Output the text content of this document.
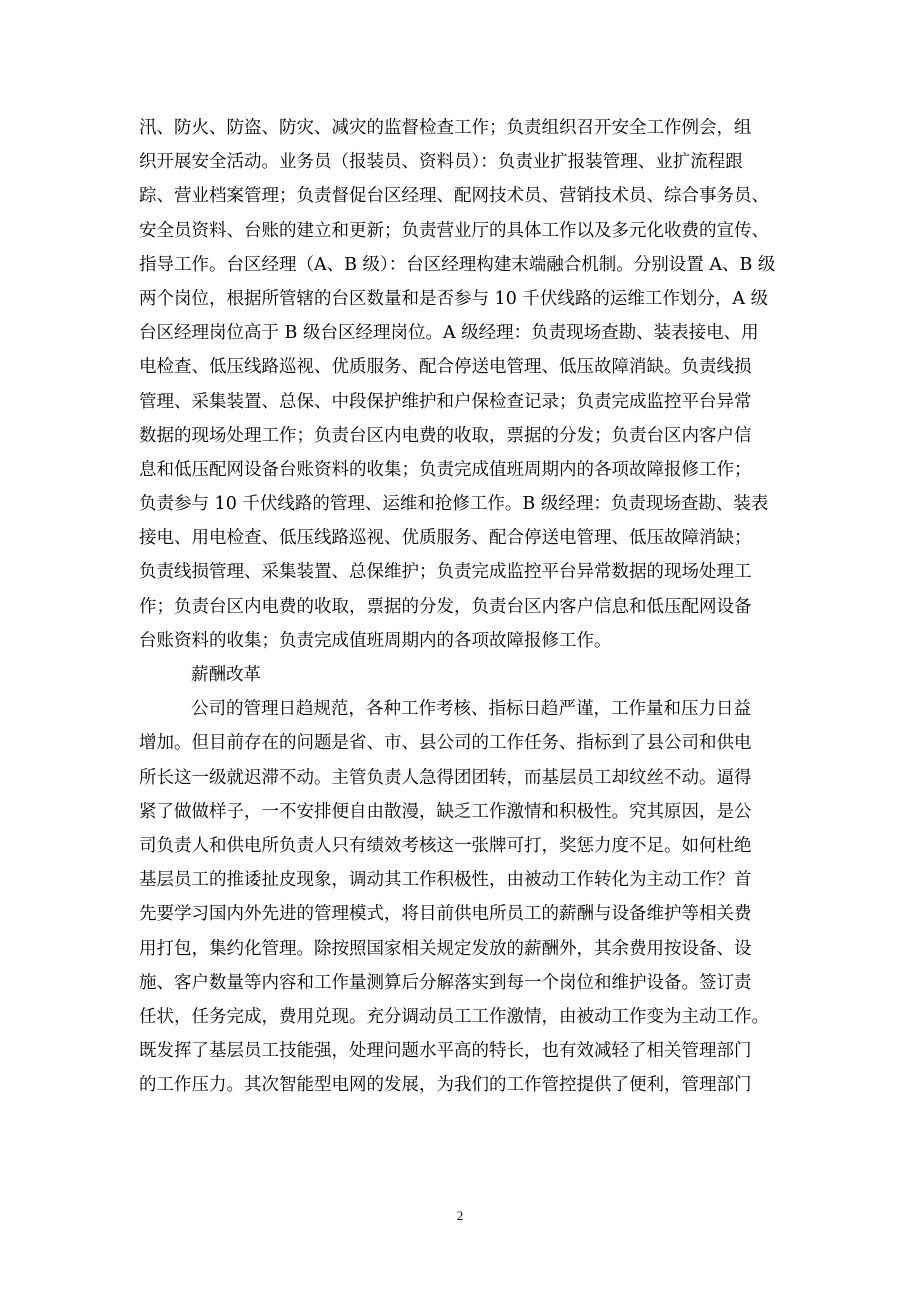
汛、防火、防盗、防灾、减灾的监督检查工作；负责组织召开安全工作例会，组
织开展安全活动。业务员（报装员、资料员）：负责业扩报装管理、业扩流程跟
踪、营业档案管理；负责督促台区经理、配网技术员、营销技术员、综合事务员、
安全员资料、台账的建立和更新；负责营业厅的具体工作以及多元化收费的宣传、
指导工作。台区经理（A、B 级）：台区经理构建末端融合机制。分别设置 A、B 级
两个岗位，根据所管辖的台区数量和是否参与 10 千伏线路的运维工作划分，A 级
台区经理岗位高于 B 级台区经理岗位。A 级经理：负责现场查勘、装表接电、用
电检查、低压线路巡视、优质服务、配合停送电管理、低压故障消缺。负责线损
管理、采集装置、总保、中段保护维护和户保检查记录；负责完成监控平台异常
数据的现场处理工作；负责台区内电费的收取，票据的分发；负责台区内客户信
息和低压配网设备台账资料的收集；负责完成值班周期内的各项故障报修工作；
负责参与 10 千伏线路的管理、运维和抢修工作。B 级经理：负责现场查勘、装表
接电、用电检查、低压线路巡视、优质服务、配合停送电管理、低压故障消缺；
负责线损管理、采集装置、总保维护；负责完成监控平台异常数据的现场处理工
作；负责台区内电费的收取，票据的分发，负责台区内客户信息和低压配网设备
台账资料的收集；负责完成值班周期内的各项故障报修工作。
薪酬改革
公司的管理日趋规范，各种工作考核、指标日趋严谨，工作量和压力日益
增加。但目前存在的问题是省、市、县公司的工作任务、指标到了县公司和供电
所长这一级就迟滞不动。主管负责人急得团团转，而基层员工却纹丝不动。逼得
紧了做做样子，一不安排便自由散漫，缺乏工作激情和积极性。究其原因，是公
司负责人和供电所负责人只有绩效考核这一张牌可打，奖惩力度不足。如何杜绝
基层员工的推诿扯皮现象，调动其工作积极性，由被动工作转化为主动工作？首
先要学习国内外先进的管理模式，将目前供电所员工的薪酬与设备维护等相关费
用打包，集约化管理。除按照国家相关规定发放的薪酬外，其余费用按设备、设
施、客户数量等内容和工作量测算后分解落实到每一个岗位和维护设备。签订责
任状，任务完成，费用兑现。充分调动员工工作激情，由被动工作变为主动工作。
既发挥了基层员工技能强，处理问题水平高的特长，也有效减轻了相关管理部门
的工作压力。其次智能型电网的发展，为我们的工作管控提供了便利，管理部门
2
